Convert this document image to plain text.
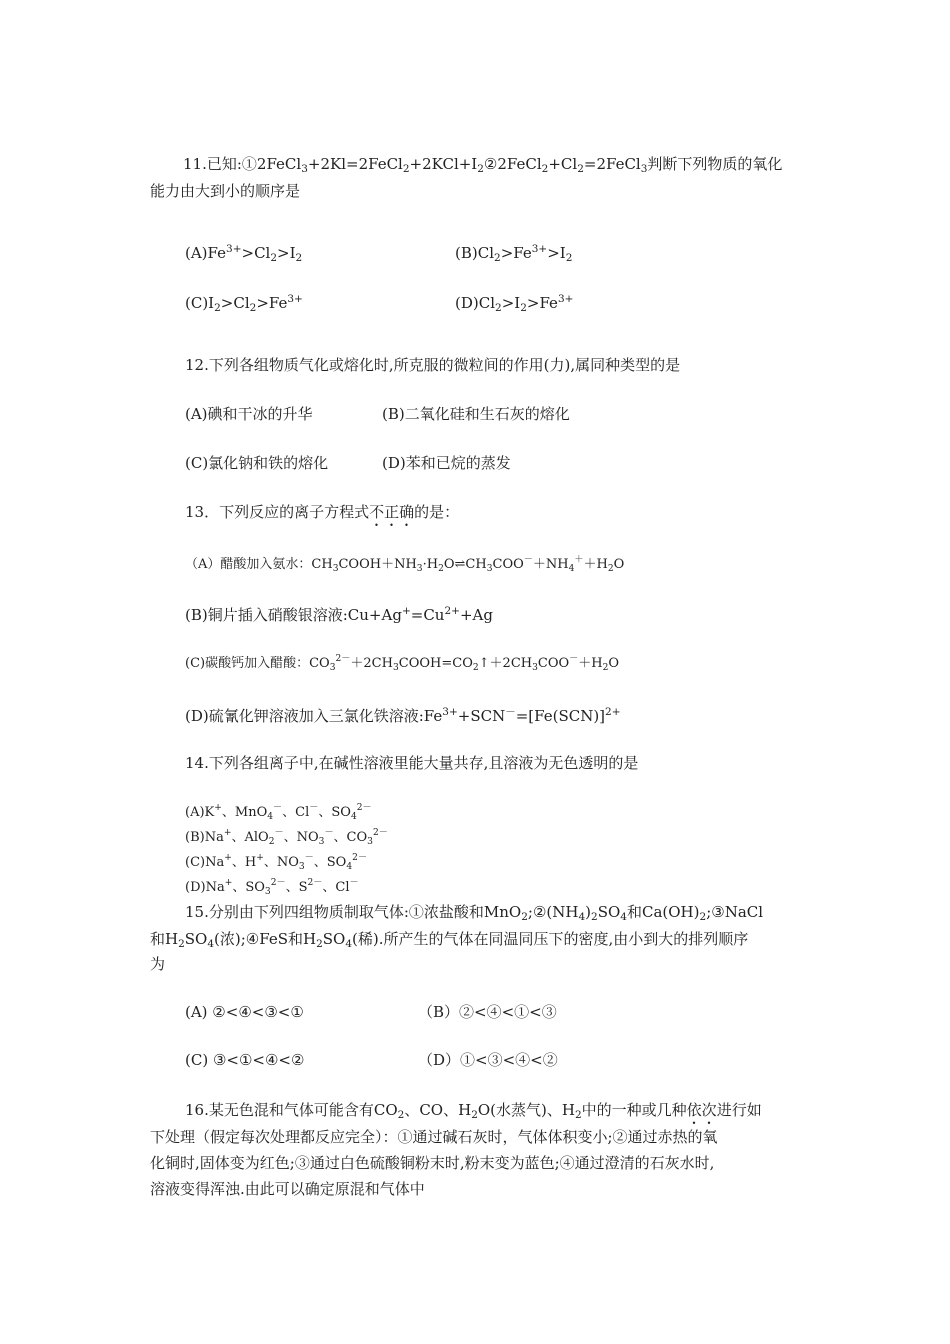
11.已知$:①2FeCl_3+2Kl=2FeCl_2+2KCl+I_2②2FeCl_2+Cl_2=2FeCl_3$判断下列物质的氧化
能力由大到小的顺序是
$(A)Fe^{3+}>Cl_2>I_2$	$(B)Cl_2>Fe^{3+}>I_2$
$(C)I_2>Cl_2>Fe^{3+}$	$(D)Cl_2>I_2>Fe^{3+}$
12.下列各组物质气化或熔化时,所克服的微粒间的作用(力),属同种类型的是
(A)碘和干冰的升华	(B)二氧化硅和生石灰的熔化
(C)氯化钠和铁的熔化	(D)苯和已烷的蒸发
13．下列反应的离子方程式不正确的是：
（A）醋酸加入氨水：$CH_3COOH+NH_3\cdot H_2O\rightleftharpoons CH_3COO^-+NH_4^++H_2O$
(B)铜片插入硝酸银溶液$:Cu+Ag^+=Cu^{2+}+Ag$
(C)碳酸钙加入醋酸：$CO_3^{2-}+2CH_3COOH=CO_2↑+2CH_3COO^-+H_2O$
(D)硫氰化钾溶液加入三氯化铁溶液$:Fe^{3+}+SCN^-=[Fe(SCN)]^{2+}$
14.下列各组离子中,在碱性溶液里能大量共存,且溶液为无色透明的是
(A)K+、MnO$_4$－、Cl－、$SO_4^{2-}$
(B)Na+、AlO$_2$－、$NO_3^-$、$CO_3^{2-}$
(C)Na+、H+、$NO_3^-$、$SO_4^{2-}$
(D)Na+、$SO_3^{2-}$、$S^{2-}$、Cl－
15.分别由下列四组物质制取气体:①浓盐酸和$MnO_2;②(NH_4)_2SO_4$和$Ca(OH)_2;③NaCl$
和$H_2SO_4$(浓);④FeS和$H_2SO_4$(稀).所产生的气体在同温同压下的密度,由小到大的排列顺序
为
(A) ②<④<③<①	（B）②<④<①<③
(C) ③<①<④<②	（D）①<③<④<②
16.某无色混和气体可能含有$CO_2$、CO、$H_2O$(水蒸气)、$H_2$中的一种或几种依次进行如
下处理（假定每次处理都反应完全）：①通过碱石灰时，气体体积变小;②通过赤热的氧
化铜时,固体变为红色;③通过白色硫酸铜粉末时,粉末变为蓝色;④通过澄清的石灰水时,
溶液变得浑浊.由此可以确定原混和气体中
